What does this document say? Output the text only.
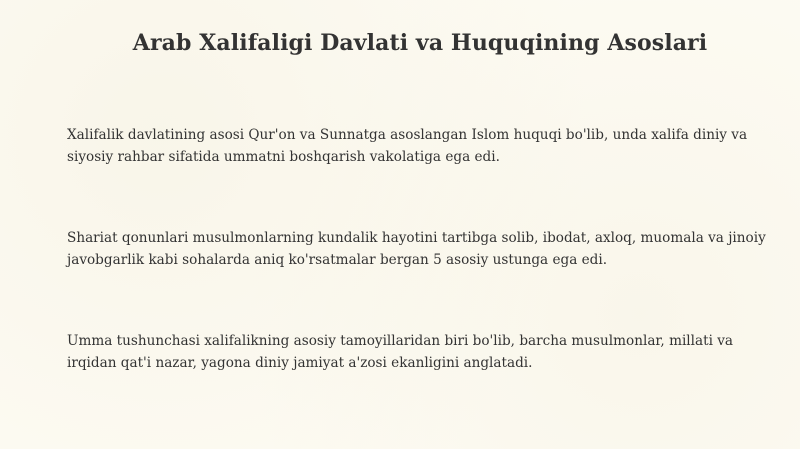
Arab Xalifaligi Davlati va Huquqining Asoslari
Xalifalik davlatining asosi Qur'on va Sunnatga asoslangan Islom huquqi bo'lib, unda xalifa diniy va siyosiy rahbar sifatida ummatni boshqarish vakolatiga ega edi.
Shariat qonunlari musulmonlarning kundalik hayotini tartibga solib, ibodat, axloq, muomala va jinoiy javobgarlik kabi sohalarda aniq ko'rsatmalar bergan 5 asosiy ustunga ega edi.
Umma tushunchasi xalifalikning asosiy tamoyillaridan biri bo'lib, barcha musulmonlar, millati va irqidan qat'i nazar, yagona diniy jamiyat a'zosi ekanligini anglatadi.
